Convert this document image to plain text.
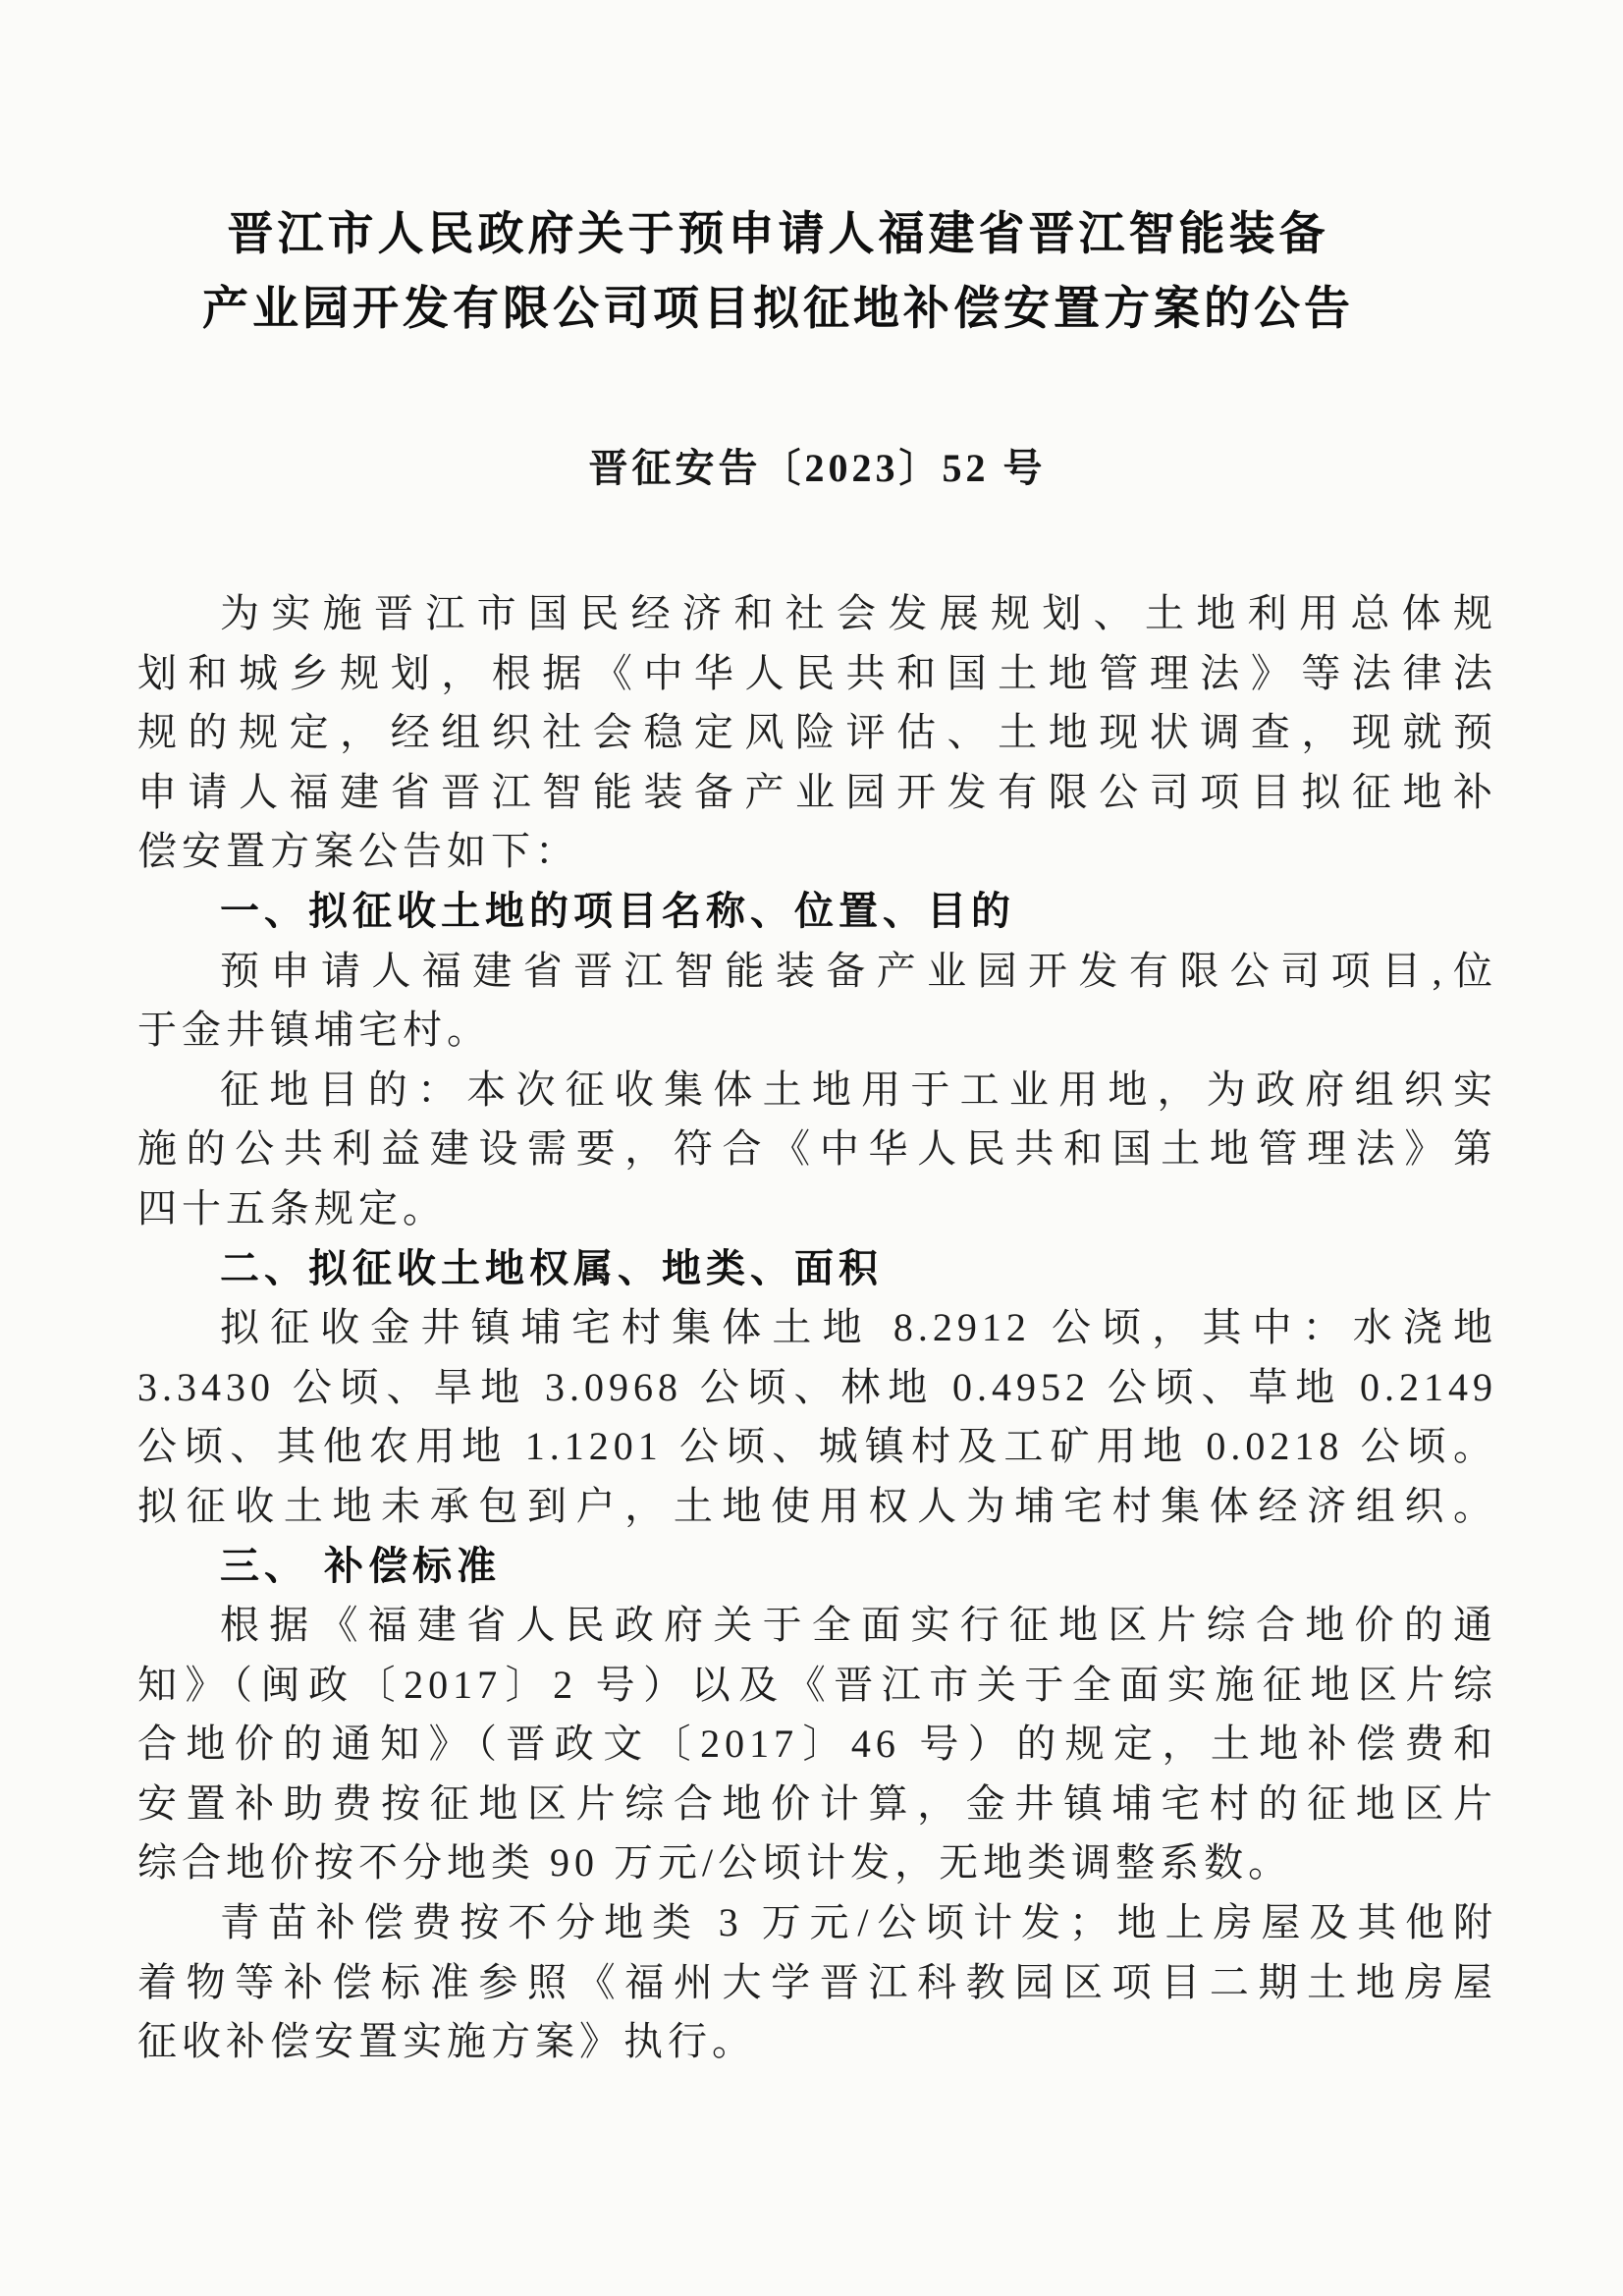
晋江市人民政府关于预申请人福建省晋江智能装备
产业园开发有限公司项目拟征地补偿安置方案的公告
晋征安告〔2023〕52 号
为实施晋江市国民经济和社会发展规划、土地利用总体规
划和城乡规划，根据《中华人民共和国土地管理法》等法律法
规的规定，经组织社会稳定风险评估、土地现状调查，现就预
申请人福建省晋江智能装备产业园开发有限公司项目拟征地补
偿安置方案公告如下：
一、拟征收土地的项目名称、位置、目的
预申请人福建省晋江智能装备产业园开发有限公司项目,位
于金井镇埔宅村。
征地目的：本次征收集体土地用于工业用地，为政府组织实
施的公共利益建设需要，符合《中华人民共和国土地管理法》第
四十五条规定。
二、拟征收土地权属、地类、面积
拟征收金井镇埔宅村集体土地 8.2912 公顷，其中：水浇地
3.3430 公顷、旱地 3.0968 公顷、林地 0.4952 公顷、草地 0.2149
公顷、其他农用地 1.1201 公顷、城镇村及工矿用地 0.0218 公顷。
拟征收土地未承包到户，土地使用权人为埔宅村集体经济组织。
三、 补偿标准
根据《福建省人民政府关于全面实行征地区片综合地价的通
知》（闽政〔2017〕2 号）以及《晋江市关于全面实施征地区片综
合地价的通知》（晋政文〔2017〕46 号）的规定，土地补偿费和
安置补助费按征地区片综合地价计算，金井镇埔宅村的征地区片
综合地价按不分地类 90 万元/公顷计发，无地类调整系数。
青苗补偿费按不分地类 3 万元/公顷计发；地上房屋及其他附
着物等补偿标准参照《福州大学晋江科教园区项目二期土地房屋
征收补偿安置实施方案》执行。
